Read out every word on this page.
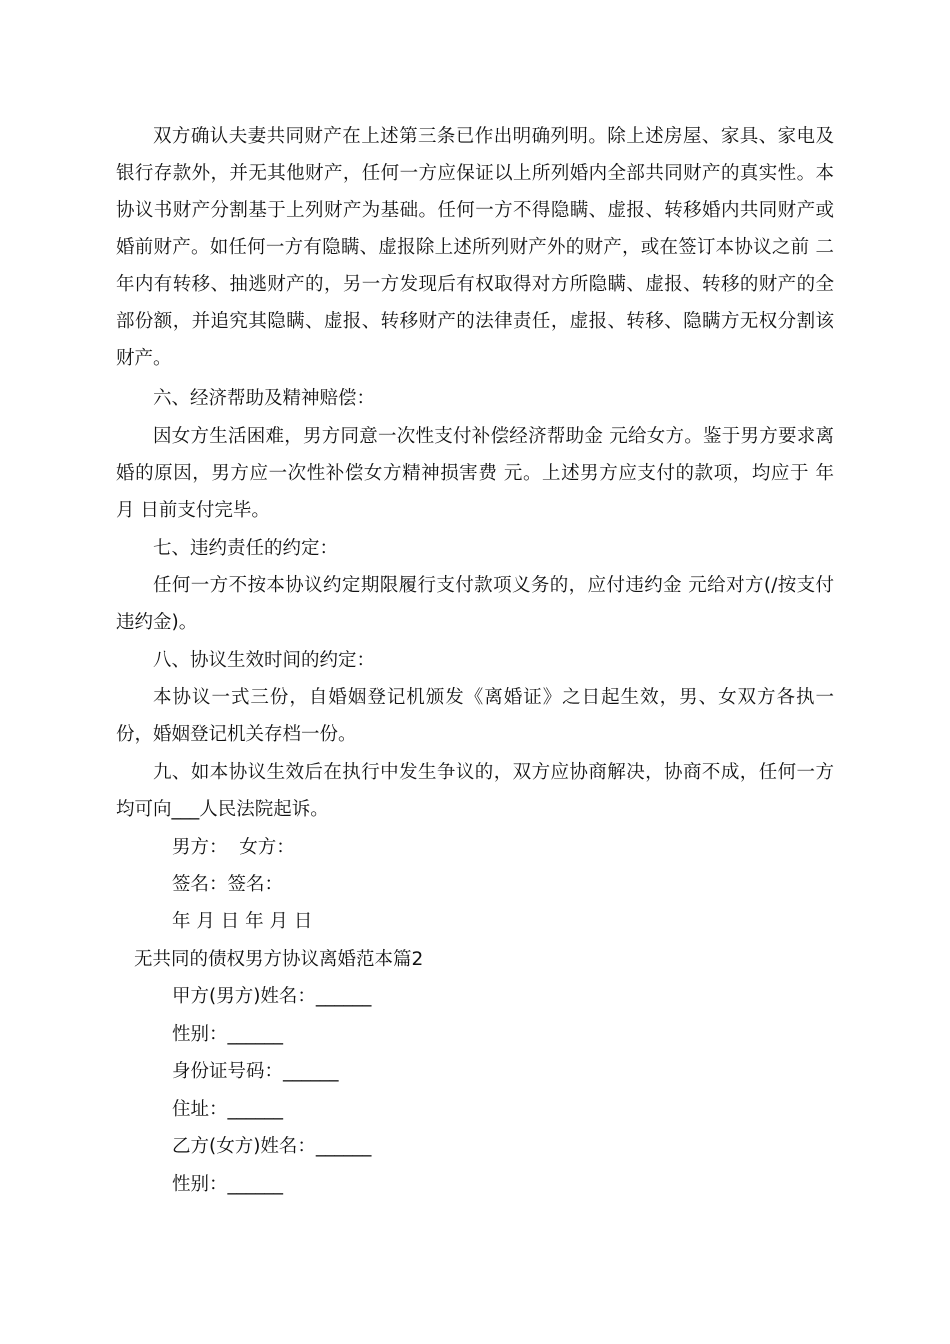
双方确认夫妻共同财产在上述第三条已作出明确列明。除上述房屋、家具、家电及银行存款外，并无其他财产，任何一方应保证以上所列婚内全部共同财产的真实性。本协议书财产分割基于上列财产为基础。任何一方不得隐瞒、虚报、转移婚内共同财产或婚前财产。如任何一方有隐瞒、虚报除上述所列财产外的财产，或在签订本协议之前 二年内有转移、抽逃财产的，另一方发现后有权取得对方所隐瞒、虚报、转移的财产的全部份额，并追究其隐瞒、虚报、转移财产的法律责任，虚报、转移、隐瞒方无权分割该财产。

六、经济帮助及精神赔偿：

因女方生活困难，男方同意一次性支付补偿经济帮助金 元给女方。鉴于男方要求离婚的原因，男方应一次性补偿女方精神损害费 元。上述男方应支付的款项，均应于 年 月 日前支付完毕。

七、违约责任的约定：

任何一方不按本协议约定期限履行支付款项义务的，应付违约金 元给对方(/按支付违约金)。

八、协议生效时间的约定：

本协议一式三份，自婚姻登记机颁发《离婚证》之日起生效，男、女双方各执一份，婚姻登记机关存档一份。

九、如本协议生效后在执行中发生争议的，双方应协商解决，协商不成，任何一方均可向___人民法院起诉。

男方：  女方：

签名：签名：

年 月 日 年 月 日

无共同的债权男方协议离婚范本篇2

甲方(男方)姓名：______

性别：______

身份证号码：______

住址：______

乙方(女方)姓名：______

性别：______
